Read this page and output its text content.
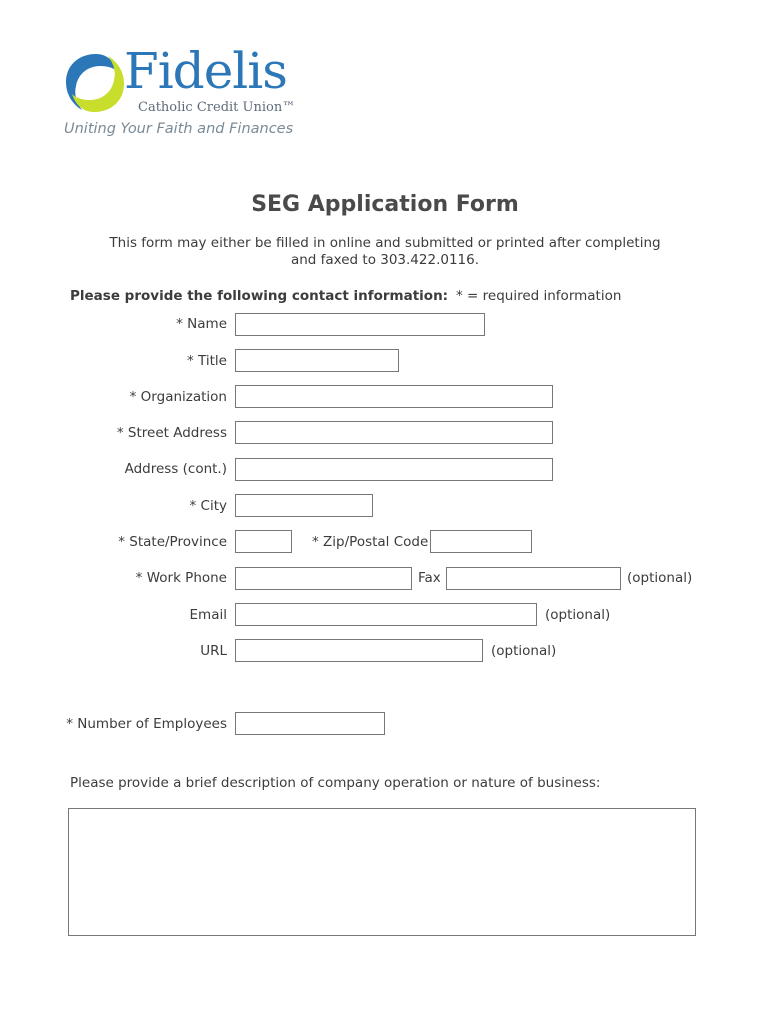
Fidelis
Catholic Credit Union™
Uniting Your Faith and Finances
SEG Application Form
This form may either be filled in online and submitted or printed after completing and faxed to 303.422.0116.
Please provide the following contact information: * = required information
* Name
* Title
* Organization
* Street Address
Address (cont.)
* City
* State/Province	* Zip/Postal Code
* Work Phone	Fax	(optional)
Email	(optional)
URL	(optional)
* Number of Employees
Please provide a brief description of company operation or nature of business:
